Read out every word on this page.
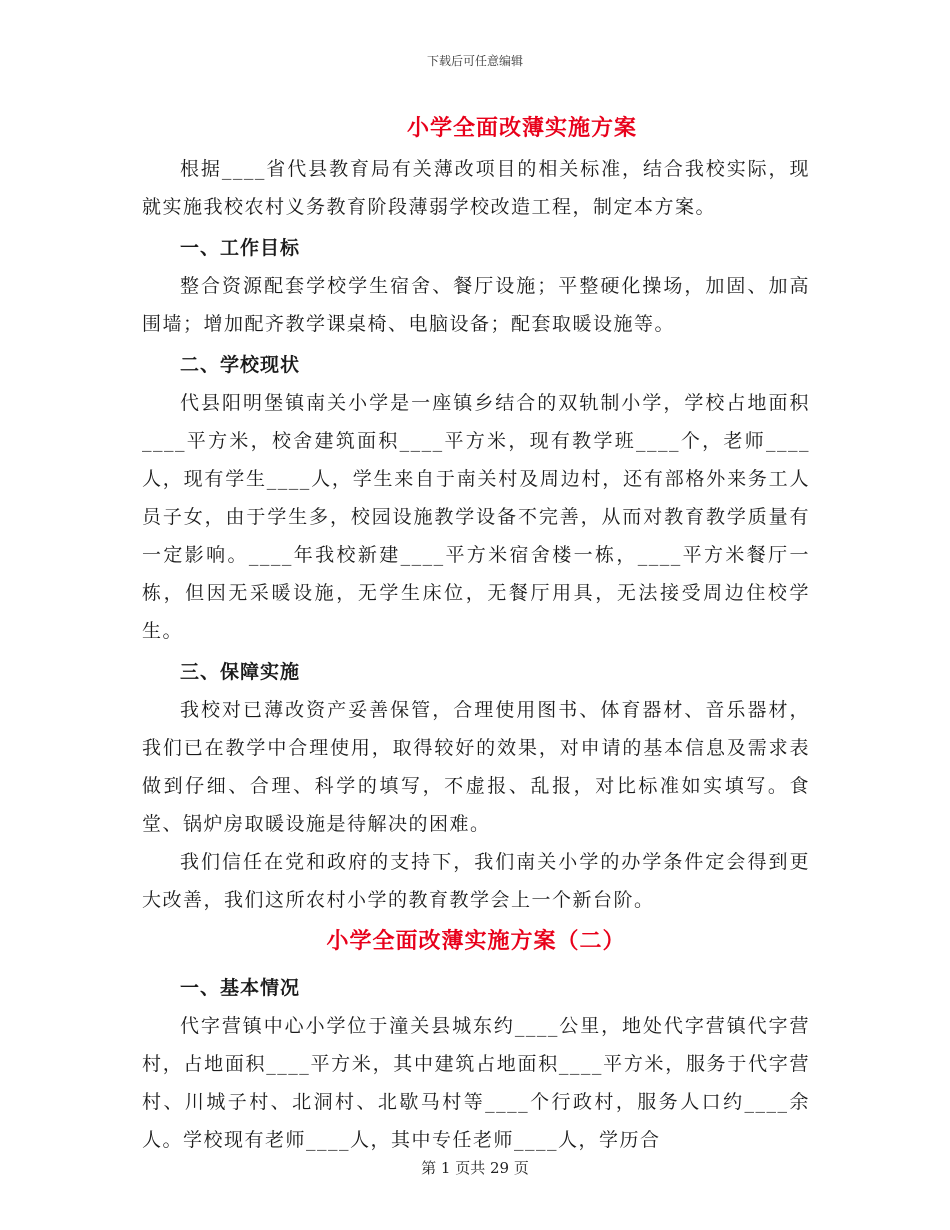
下载后可任意编辑
小学全面改薄实施方案

根据____省代县教育局有关薄改项目的相关标准，结合我校实际，现就实施我校农村义务教育阶段薄弱学校改造工程，制定本方案。

一、工作目标

整合资源配套学校学生宿舍、餐厅设施；平整硬化操场，加固、加高围墙；增加配齐教学课桌椅、电脑设备；配套取暖设施等。

二、学校现状

代县阳明堡镇南关小学是一座镇乡结合的双轨制小学，学校占地面积____平方米，校舍建筑面积____平方米，现有教学班____个，老师____人，现有学生____人，学生来自于南关村及周边村，还有部格外来务工人员子女，由于学生多，校园设施教学设备不完善，从而对教育教学质量有一定影响。____年我校新建____平方米宿舍楼一栋，____平方米餐厅一栋，但因无采暖设施，无学生床位，无餐厅用具，无法接受周边住校学生。

三、保障实施

我校对已薄改资产妥善保管，合理使用图书、体育器材、音乐器材，我们已在教学中合理使用，取得较好的效果，对申请的基本信息及需求表做到仔细、合理、科学的填写，不虚报、乱报，对比标准如实填写。食堂、锅炉房取暖设施是待解决的困难。

我们信任在党和政府的支持下，我们南关小学的办学条件定会得到更大改善，我们这所农村小学的教育教学会上一个新台阶。

小学全面改薄实施方案（二）
一、基本情况

代字营镇中心小学位于潼关县城东约____公里，地处代字营镇代字营村，占地面积____平方米，其中建筑占地面积____平方米，服务于代字营村、川城子村、北洞村、北歇马村等____个行政村，服务人口约____余人。学校现有老师____人，其中专任老师____人，学历合

第 1 页共 29 页
